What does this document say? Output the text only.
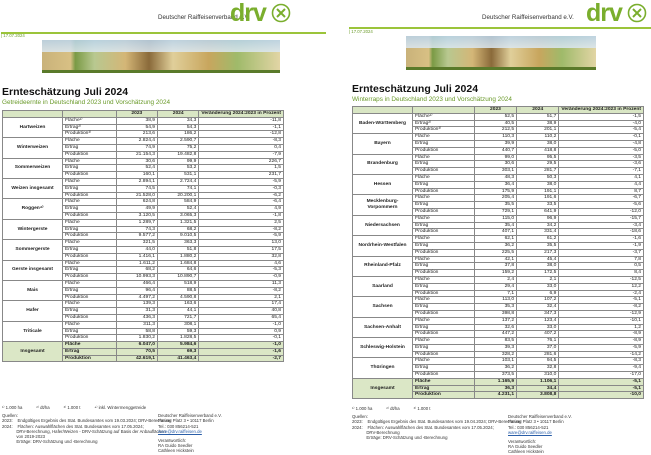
Deutscher Raiffeisenverband e.V.
drv
| 17.07.2024
Ernteschätzung Juli 2024
Getreideernte in Deutschland 2023 und Vorschätzung 2024
		2023	2024	Veränderung 2024:2023 in Prozent
Hartweizen	Fläche¹⁾	38,9	34,3	-11,8
	Ertrag²⁾	54,9	54,3	-1,1
	Produktion³⁾	213,6	186,2	-12,8
Winterweizen	Fläche	2.824,4	2.590,7	-8,3
	Ertrag	74,9	75,2	0,4
	Produktion	21.154,3	19.482,8	-7,9
Sommerweizen	Fläche	30,6	99,9	226,7
	Ertrag	52,4	53,2	1,5
	Produktion	160,1	531,1	231,7
Weizen insgesamt	Fläche	2.894,1	2.724,4	-5,9
	Ertrag	74,5	74,1	-0,3
	Produktion	21.528,0	20.200,1	-6,2
Roggen⁴⁾	Fläche	624,8	584,9	-6,4
	Ertrag	49,9	52,4	4,9
	Produktion	3.120,5	3.065,3	-1,8
Wintergerste	Fläche	1.289,7	1.321,5	2,5
	Ertrag	74,3	68,2	-8,2
	Produktion	9.577,2	9.010,5	-5,9
Sommergerste	Fläche	321,5	363,3	13,0
	Ertrag	44,0	51,8	17,5
	Produktion	1.416,1	1.880,2	32,8
Gerste insgesamt	Fläche	1.611,2	1.684,8	4,6
	Ertrag	68,2	64,6	-5,3
	Produktion	10.993,3	10.890,7	-0,9
Mais	Fläche	466,4	518,9	11,3
	Ertrag	96,4	88,5	-8,2
	Produktion	4.497,2	4.590,8	2,1
Hafer	Fläche	139,3	163,6	17,4
	Ertrag	31,3	44,1	40,8
	Produktion	436,3	721,7	65,4
Triticale	Fläche	311,3	308,1	-1,0
	Ertrag	58,8	59,3	0,9
	Produktion	1.830,2	1.828,5	-0,1
Insgesamt	Fläche	6.047,0	5.984,6	-1,0
	Ertrag	70,5	69,3	-1,6
	Produktion	42.619,1	41.463,4	-2,7
¹⁾ 1.000 ha	²⁾ dt/ha	³⁾ 1.000 t	⁴⁾ inkl. Wintermenggetreide
Quellen:
2023:    Endgültiges Ergebnis des Stat. Bundesamtes vom 19.03.2024; DRV-Berechnung
2024:    Flächen: Auswahlflächen des Stat. Bundesamtes vom 17.05.2024;
DRV-Berechnung, Hafer/Weizen - DRV-Schätzung auf Basis der Anbauflächen
von 2019-2023
Erträge: DRV-Schätzung und -Berechnung
Deutscher Raiffeisenverband e.V.
Pariser Platz 3 • 10117 Berlin
Tel.: 030 856214-521
ware@drv.raiffeisen.de
Verantwortlich:
RA Guido Seedler
Cathleen Hickstein
Deutscher Raiffeisenverband e.V. drv
| 17.07.2024
Ernteschätzung Juli 2024
Winterraps in Deutschland 2023 und Vorschätzung 2024
		2023	2024	Veränderung 2024:2023 in Prozent
Baden-Württemberg	Fläche¹⁾	52,5	51,7	-1,5
	Ertrag²⁾	40,5	38,9	-4,0
	Produktion³⁾	212,5	201,1	-5,4
Bayern	Fläche	110,3	110,2	-0,1
	Ertrag	39,9	38,0	-4,8
	Produktion	440,7	418,8	-5,0
Brandenburg	Fläche	99,0	95,5	-3,5
	Ertrag	30,6	29,5	-3,6
	Produktion	303,1	281,7	-7,1
Hessen	Fläche	48,3	50,3	4,1
	Ertrag	36,4	38,0	4,4
	Produktion	175,9	191,1	8,7
Mecklenburg-Vorpommern	Fläche	205,4	191,6	-6,7
	Ertrag	35,5	33,5	-5,6
	Produktion	729,1	641,9	-12,0
Niedersachsen	Fläche	115,0	96,9	-15,7
	Ertrag	35,4	34,2	-3,4
	Produktion	407,1	331,4	-18,6
Nordrhein-Westfalen	Fläche	62,1	61,2	-1,6
	Ertrag	36,2	35,5	-1,9
	Produktion	225,5	217,3	-3,7
Rheinland-Pfalz	Fläche	42,1	45,4	7,8
	Ertrag	37,8	38,0	0,5
	Produktion	159,2	172,5	8,4
Saarland	Fläche	2,4	2,1	-12,5
	Ertrag	29,4	33,0	12,2
	Produktion	7,1	6,9	-2,4
Sachsen	Fläche	113,0	107,2	-5,1
	Ertrag	35,3	32,4	-8,2
	Produktion	398,8	347,3	-12,9
Sachsen-Anhalt	Fläche	137,2	123,4	-10,1
	Ertrag	32,6	33,0	1,2
	Produktion	447,2	407,2	-8,9
Schleswig-Holstein	Fläche	83,5	76,1	-8,9
	Ertrag	39,3	37,0	-5,9
	Produktion	328,2	281,6	-14,2
Thüringen	Fläche	103,1	94,5	-8,3
	Ertrag	36,2	32,8	-9,4
	Produktion	373,5	310,0	-17,0
Insgesamt	Fläche	1.165,9	1.106,1	-5,1
	Ertrag	36,3	34,4	-5,1
	Produktion	4.231,1	3.808,8	-10,0
¹⁾ 1.000 ha	²⁾ dt/ha	³⁾ 1.000 t
Quellen:
2023:    Endgültiges Ergebnis des Stat. Bundesamtes vom 19.04.2024; DRV-Berechnung
2024:    Flächen: Auswahlflächen des Stat. Bundesamtes vom 17.05.2024;
DRV-Berechnung
Erträge: DRV-Schätzung und -Berechnung
Deutscher Raiffeisenverband e.V.
Pariser Platz 3 • 10117 Berlin
Tel.: 030 856214-521
ware@drv.raiffeisen.de
Verantwortlich:
RA Guido Seedler
Cathleen Hickstein
